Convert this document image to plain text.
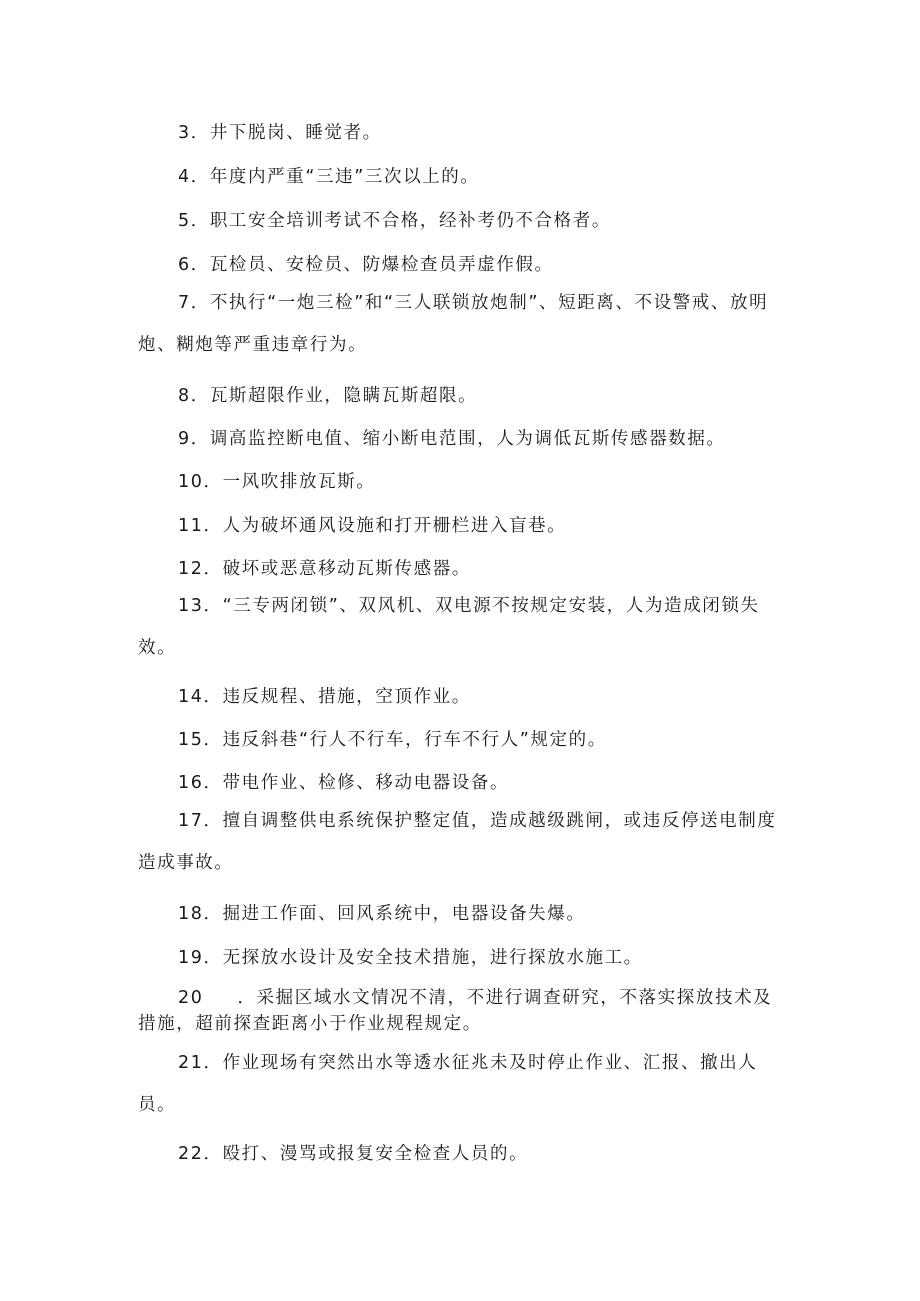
3．井下脱岗、睡觉者。

4．年度内严重“三违”三次以上的。

5．职工安全培训考试不合格，经补考仍不合格者。

6．瓦检员、安检员、防爆检查员弄虚作假。

7．不执行“一炮三检”和“三人联锁放炮制”、短距离、不设警戒、放明炮、糊炮等严重违章行为。

8．瓦斯超限作业，隐瞒瓦斯超限。

9．调高监控断电值、缩小断电范围，人为调低瓦斯传感器数据。

10．一风吹排放瓦斯。

11．人为破坏通风设施和打开栅栏进入盲巷。

12．破坏或恶意移动瓦斯传感器。

13．“三专两闭锁”、双风机、双电源不按规定安装，人为造成闭锁失效。

14．违反规程、措施，空顶作业。

15．违反斜巷“行人不行车，行车不行人”规定的。

16．带电作业、检修、移动电器设备。

17．擅自调整供电系统保护整定值，造成越级跳闸，或违反停送电制度造成事故。

18．掘进工作面、回风系统中，电器设备失爆。

19．无探放水设计及安全技术措施，进行探放水施工。

20 ．采掘区域水文情况不清，不进行调查研究，不落实探放技术及措施，超前探查距离小于作业规程规定。

21．作业现场有突然出水等透水征兆未及时停止作业、汇报、撤出人员。

22．殴打、漫骂或报复安全检查人员的。
